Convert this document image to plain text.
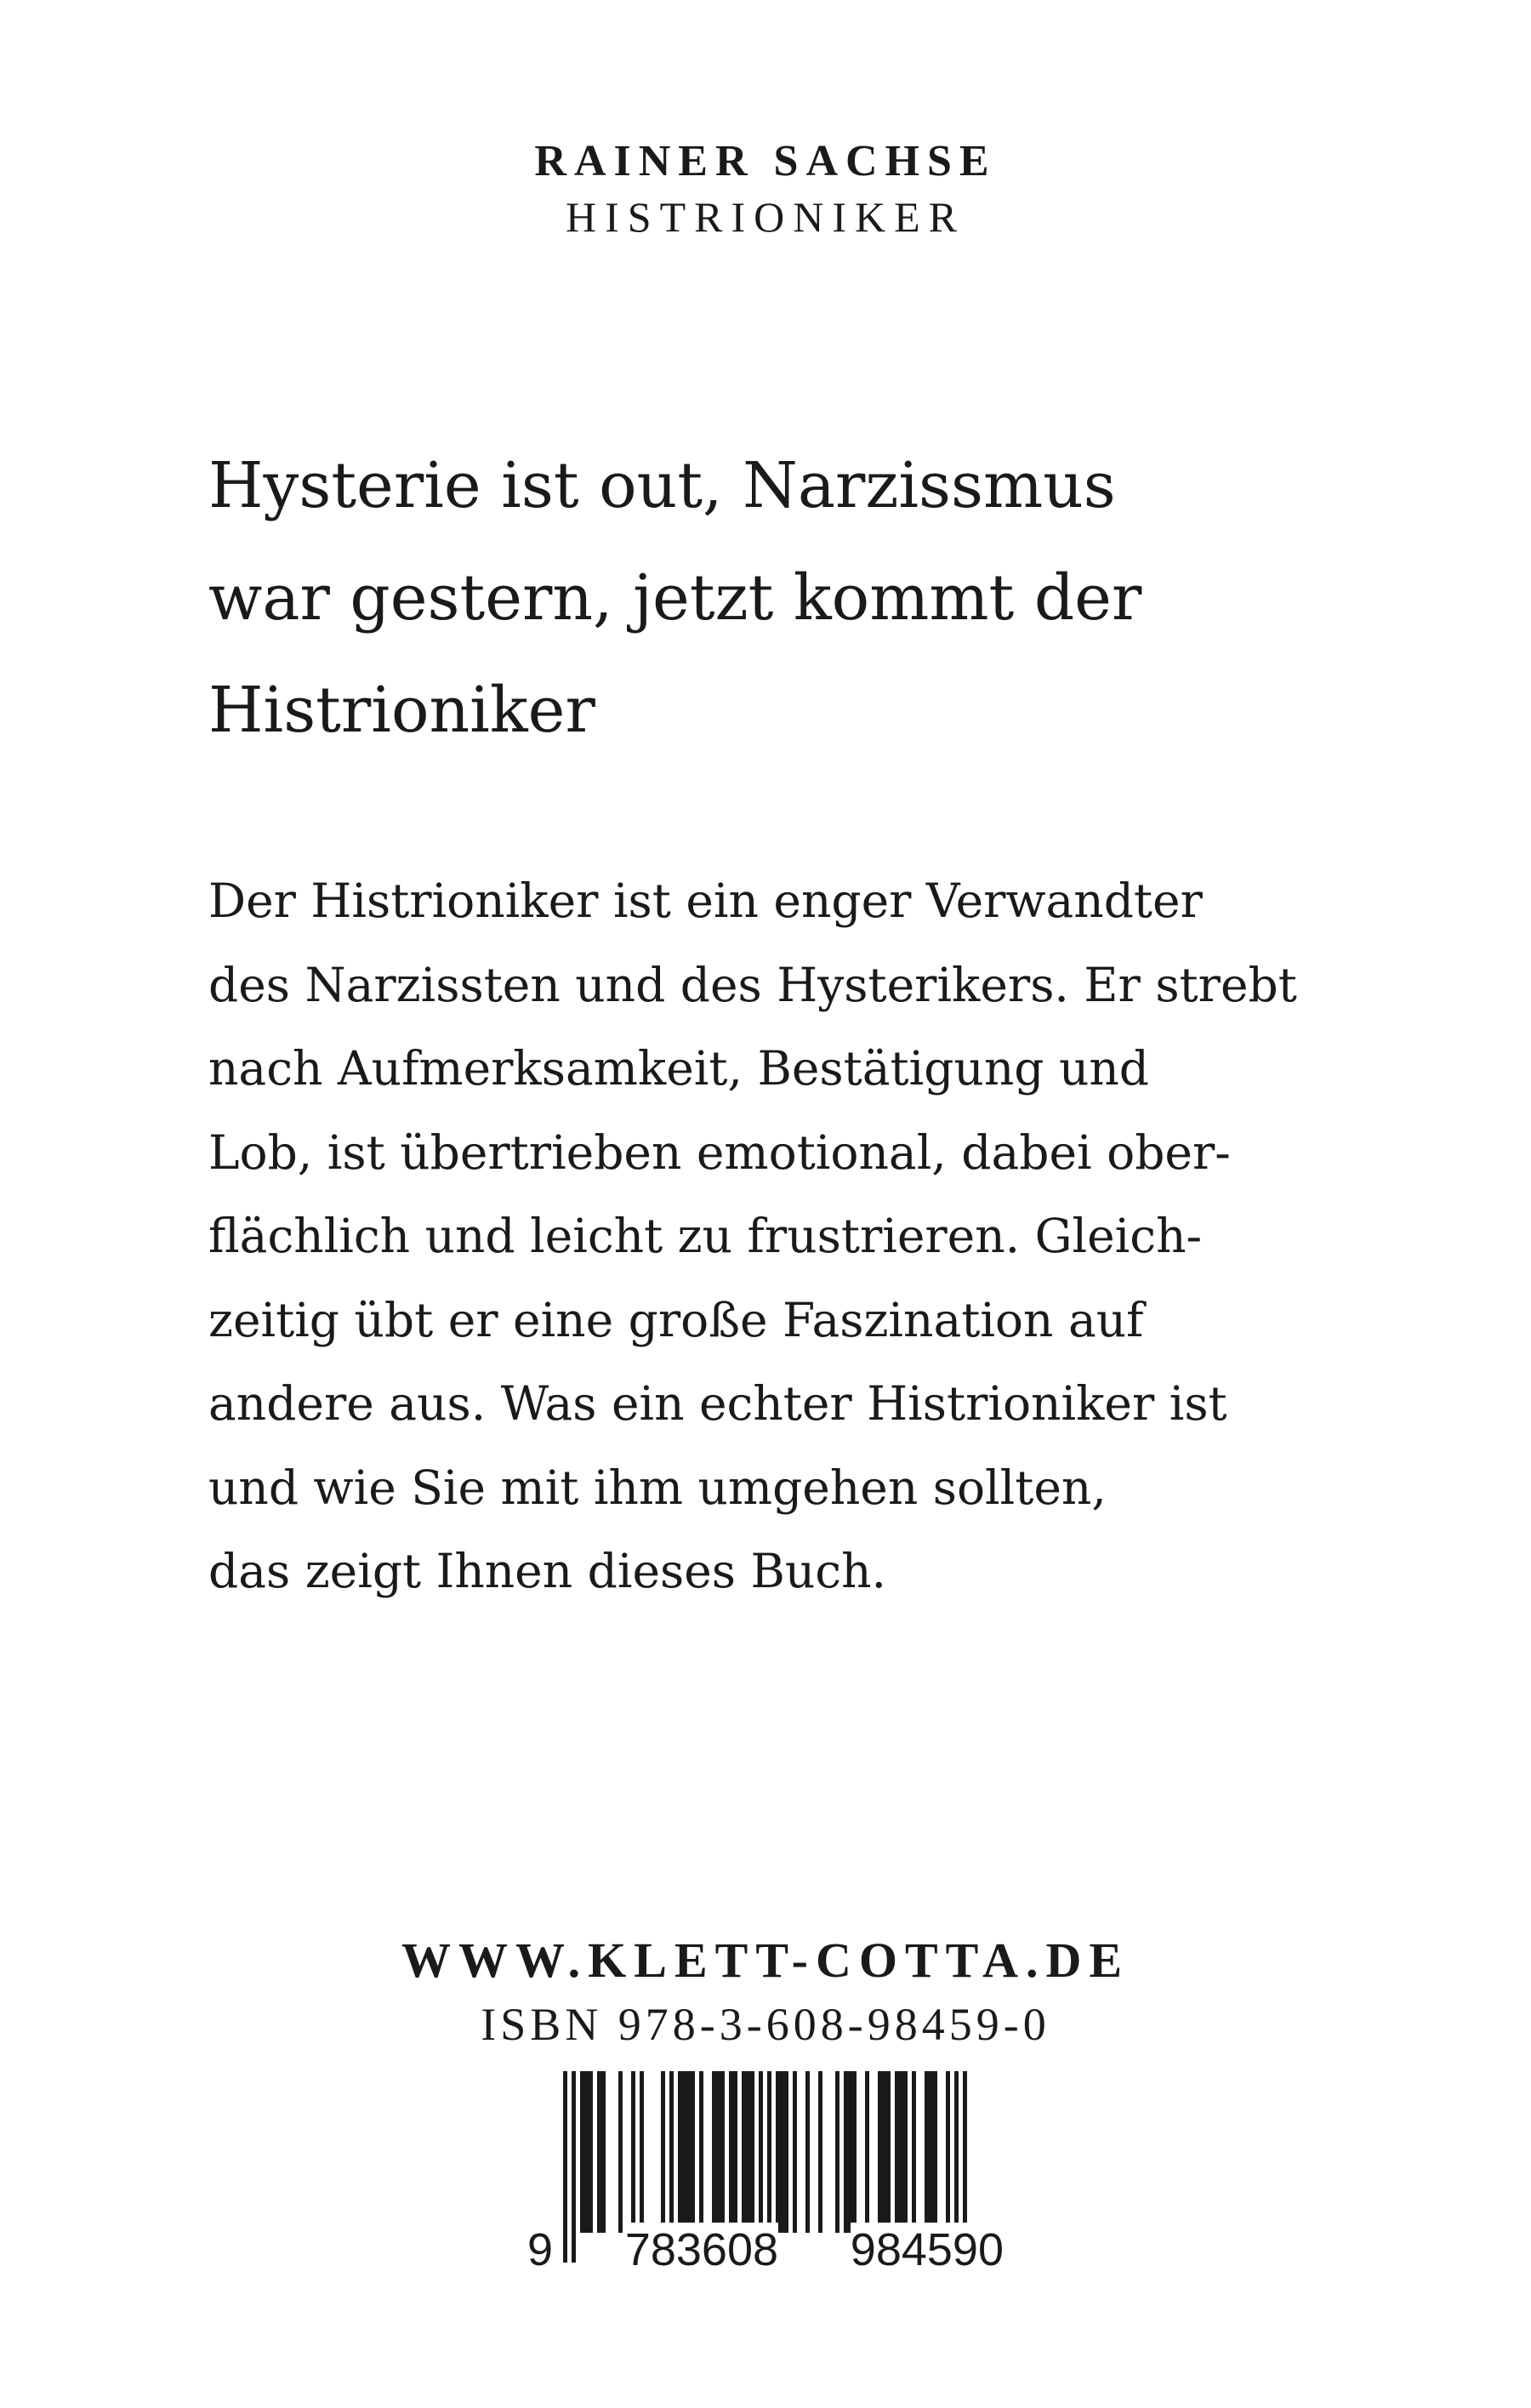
RAINER SACHSE
HISTRIONIKER
Hysterie ist out, Narzissmus
war gestern, jetzt kommt der
Histrioniker

Der Histrioniker ist ein enger Verwandter
des Narzissten und des Hysterikers. Er strebt
nach Aufmerksamkeit, Bestätigung und
Lob, ist übertrieben emotional, dabei ober-
flächlich und leicht zu frustrieren. Gleich-
zeitig übt er eine große Faszination auf
andere aus. Was ein echter Histrioniker ist
und wie Sie mit ihm umgehen sollten,
das zeigt Ihnen dieses Buch.

WWW.KLETT-COTTA.DE
ISBN 978-3-608-98459-0
9 783608 984590
